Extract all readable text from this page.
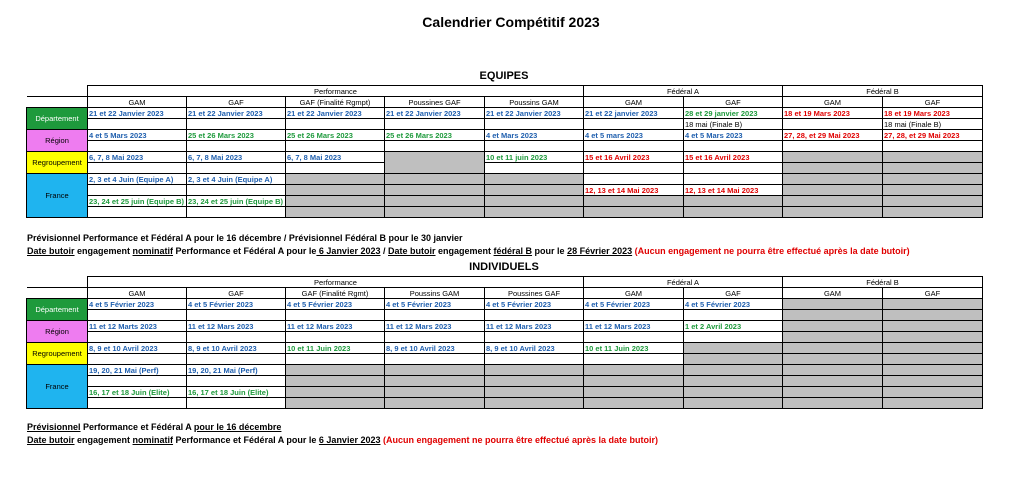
Calendrier Compétitif 2023
EQUIPES
	Performance					Fédéral A		Fédéral B	
	GAM	GAF	GAF (Finalité Rgmpt)	Poussines GAF	Poussins GAM	GAM	GAF	GAM	GAF
Département	21 et 22 Janvier 2023	21 et 22 Janvier 2023	21 et 22 Janvier 2023	21 et 22 Janvier 2023	21 et 22 Janvier 2023	21 et 22 janvier 2023	28 et 29 janvier 2023	18 et 19 Mars 2023	18 et 19 Mars 2023
							18 mai (Finale B)		18 mai (Finale B)
Région	4 et 5 Mars 2023	25 et 26 Mars 2023	25 et 26 Mars 2023	25 et 26 Mars 2023	4 et Mars 2023	4 et 5 mars 2023	4 et 5 Mars 2023	27, 28, et 29 Mai 2023	27, 28, et 29 Mai 2023

Regroupement	6, 7, 8 Mai 2023	6, 7, 8 Mai 2023	6, 7, 8 Mai 2023		10 et 11 juin 2023	15 et 16 Avril 2023	15 et 16 Avril 2023		

France	2, 3 et 4 Juin (Equipe A)	2, 3 et 4 Juin (Equipe A)							
						12, 13 et 14 Mai 2023	12, 13 et 14 Mai 2023		
	23, 24 et 25 juin (Equipe B)	23, 24 et 25 juin (Equipe B)							

Prévisionnel Performance et Fédéral A pour le 16 décembre / Prévisionnel Fédéral B pour le 30 janvier
Date butoir engagement nominatif Performance et Fédéral A pour le 6 Janvier 2023 / Date butoir engagement fédéral B pour le 28 Février 2023 (Aucun engagement ne pourra être effectué après la date butoir)
INDIVIDUELS
	Performance					Fédéral A		Fédéral B	
	GAM	GAF	GAF (Finalité Rgmt)	Poussins GAM	Poussines GAF	GAM	GAF	GAM	GAF
Département	4 et 5 Février 2023	4 et 5 Février 2023	4 et 5 Février 2023	4 et 5 Février 2023	4 et 5 Février 2023	4 et 5 Février 2023	4 et 5 Février 2023		

Région	11 et 12 Marts 2023	11 et 12 Mars 2023	11 et 12 Mars 2023	11 et 12 Mars 2023	11 et 12 Mars 2023	11 et 12 Mars 2023	1 et 2 Avril 2023		

Regroupement	8, 9 et 10 Avril 2023	8, 9 et 10 Avril 2023	10 et 11 Juin 2023	8, 9 et 10 Avril 2023	8, 9 et 10 Avril 2023	10 et 11 Juin 2023			

France	19, 20, 21 Mai (Perf)	19, 20, 21 Mai (Perf)							

	16, 17 et 18 Juin (Elite)	16, 17 et 18 Juin (Elite)							

Prévisionnel Performance et Fédéral A pour le 16 décembre
Date butoir engagement nominatif Performance et Fédéral A pour le 6 Janvier 2023 (Aucun engagement ne pourra être effectué après la date butoir)
